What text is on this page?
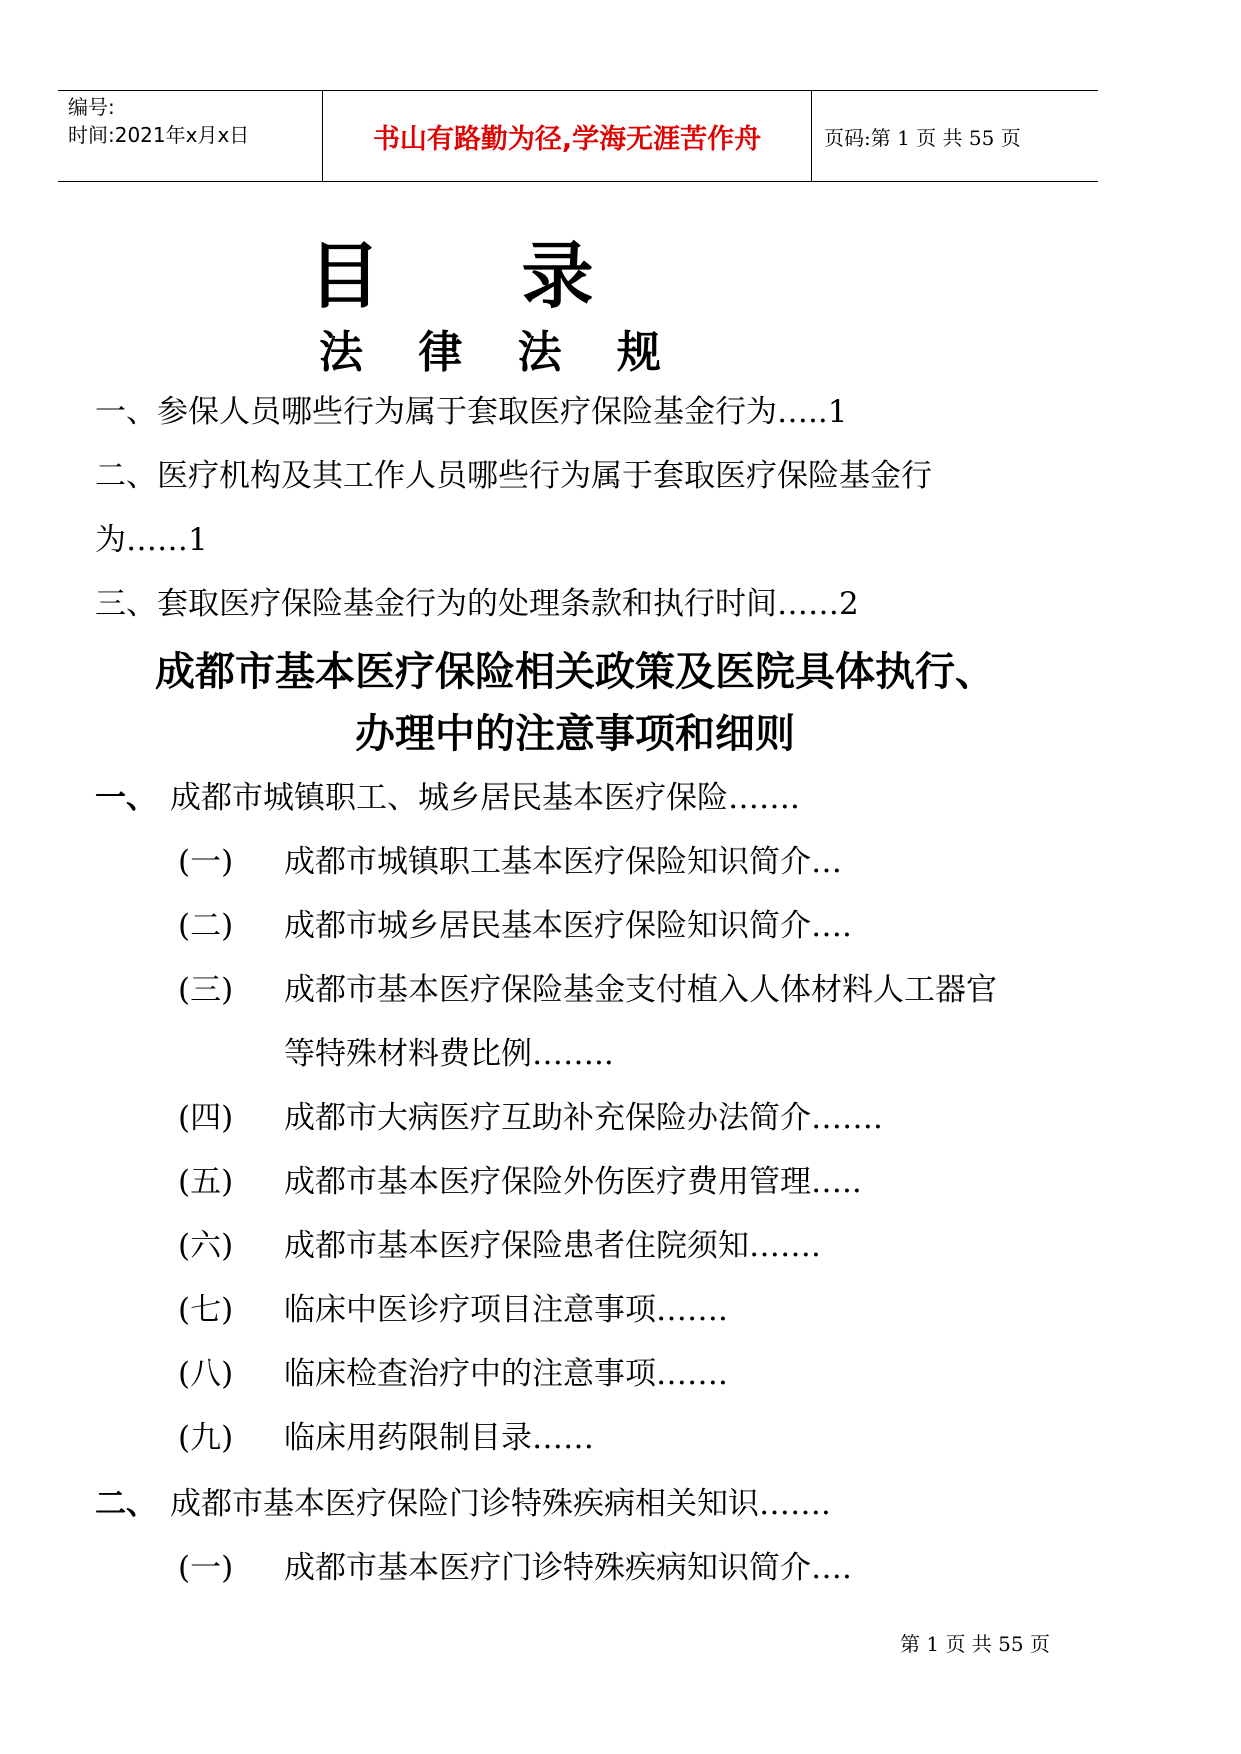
编号:
时间:2021年x月x日	书山有路勤为径,学海无涯苦作舟	页码:第 1 页 共 55 页
目 录
法 律 法 规
一、参保人员哪些行为属于套取医疗保险基金行为…..1
二、医疗机构及其工作人员哪些行为属于套取医疗保险基金行
为……1
三、套取医疗保险基金行为的处理条款和执行时间……2
成都市基本医疗保险相关政策及医院具体执行、
办理中的注意事项和细则
一、 成都市城镇职工、城乡居民基本医疗保险…….
(一) 成都市城镇职工基本医疗保险知识简介…
(二) 成都市城乡居民基本医疗保险知识简介….
(三) 成都市基本医疗保险基金支付植入人体材料人工器官
等特殊材料费比例……..
(四) 成都市大病医疗互助补充保险办法简介…….
(五) 成都市基本医疗保险外伤医疗费用管理…..
(六) 成都市基本医疗保险患者住院须知…….
(七) 临床中医诊疗项目注意事项…….
(八) 临床检查治疗中的注意事项…….
(九) 临床用药限制目录……
二、 成都市基本医疗保险门诊特殊疾病相关知识…….
(一) 成都市基本医疗门诊特殊疾病知识简介….
第 1 页 共 55 页
